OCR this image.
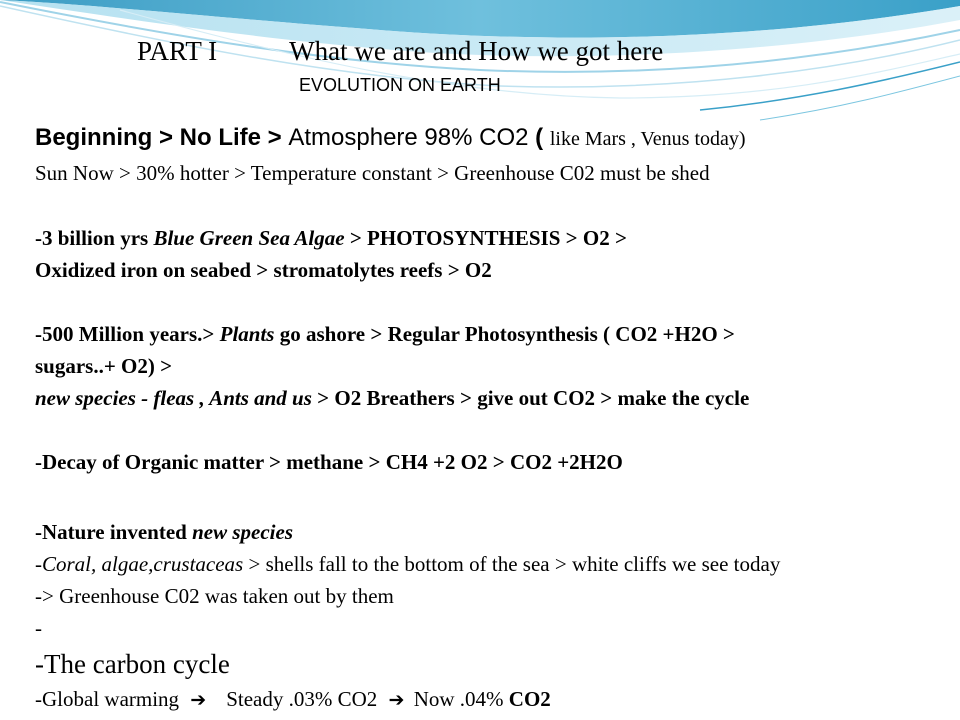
PART I	What we are and How we got here
EVOLUTION ON EARTH
Beginning > No Life > Atmosphere 98% CO2 ( like Mars , Venus today)
Sun Now > 30% hotter > Temperature constant > Greenhouse C02 must be shed
-3 billion yrs Blue Green Sea Algae > PHOTOSYNTHESIS > O2 >
Oxidized iron on seabed > stromatolytes reefs > O2
-500 Million years.> Plants go ashore > Regular Photosynthesis ( CO2 +H2O >
sugars..+ O2) >
new species - fleas , Ants and us > O2 Breathers > give out CO2 > make the cycle
-Decay of Organic matter > methane > CH4 +2 O2 > CO2 +2H2O
-Nature invented new species
-Coral, algae,crustaceas > shells fall to the bottom of the sea > white cliffs we see today
-> Greenhouse C02 was taken out by them
-
-The carbon cycle
-Global warming ➔ Steady .03% CO2 ➔ Now .04% CO2
